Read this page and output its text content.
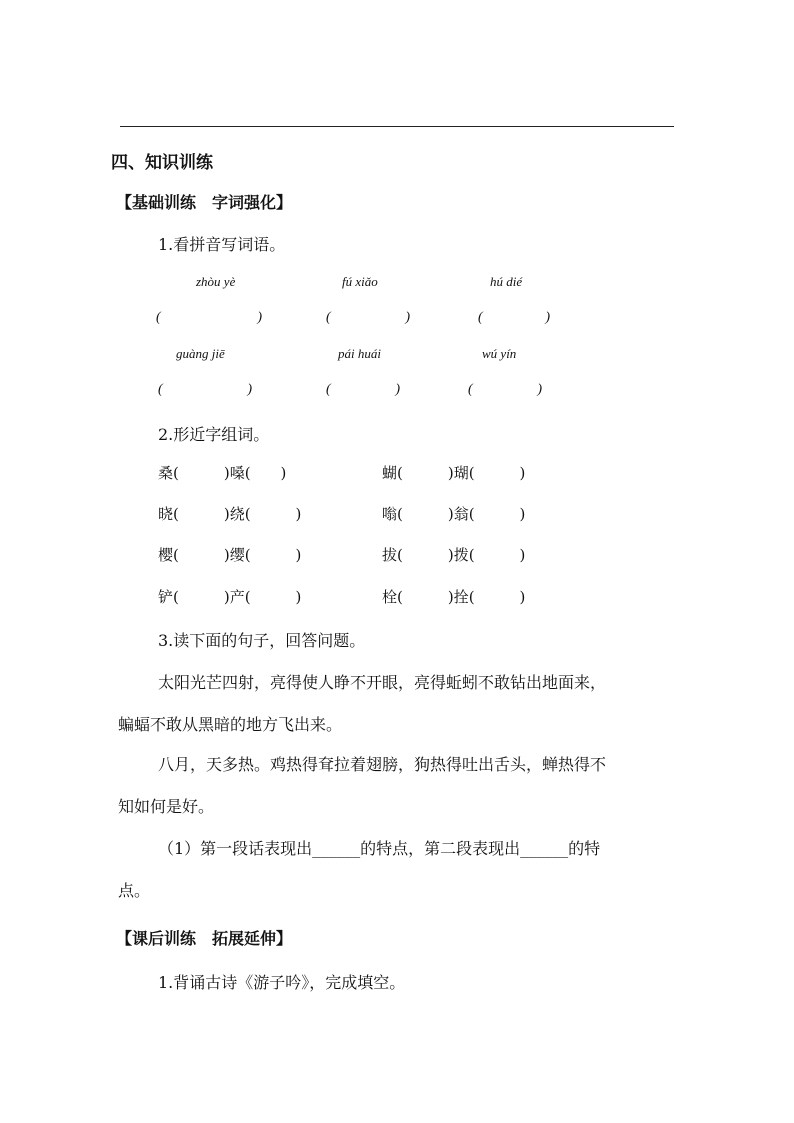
四、知识训练
【基础训练　字词强化】
1.看拼音写词语。
zhòu yè	fú xiǎo	hú dié
(	)	(	)	(	)
guàng jiē	pái huái	wú yín
(	)	(	)	(	)
2.形近字组词。
桑(　　　)嗓(　　)	蝴(　　　)瑚(　　　)
晓(　　　)绕(　　　)	嗡(　　　)翁(　　　)
樱(　　　)缨(　　　)	拔(　　　)拨(　　　)
铲(　　　)产(　　　)	栓(　　　)拴(　　　)
3.读下面的句子，回答问题。
太阳光芒四射，亮得使人睁不开眼，亮得蚯蚓不敢钻出地面来，
蝙蝠不敢从黑暗的地方飞出来。
八月，天多热。鸡热得耷拉着翅膀，狗热得吐出舌头，蝉热得不
知如何是好。
（1）第一段话表现出______的特点，第二段表现出______的特
点。
【课后训练　拓展延伸】
1.背诵古诗《游子吟》，完成填空。
